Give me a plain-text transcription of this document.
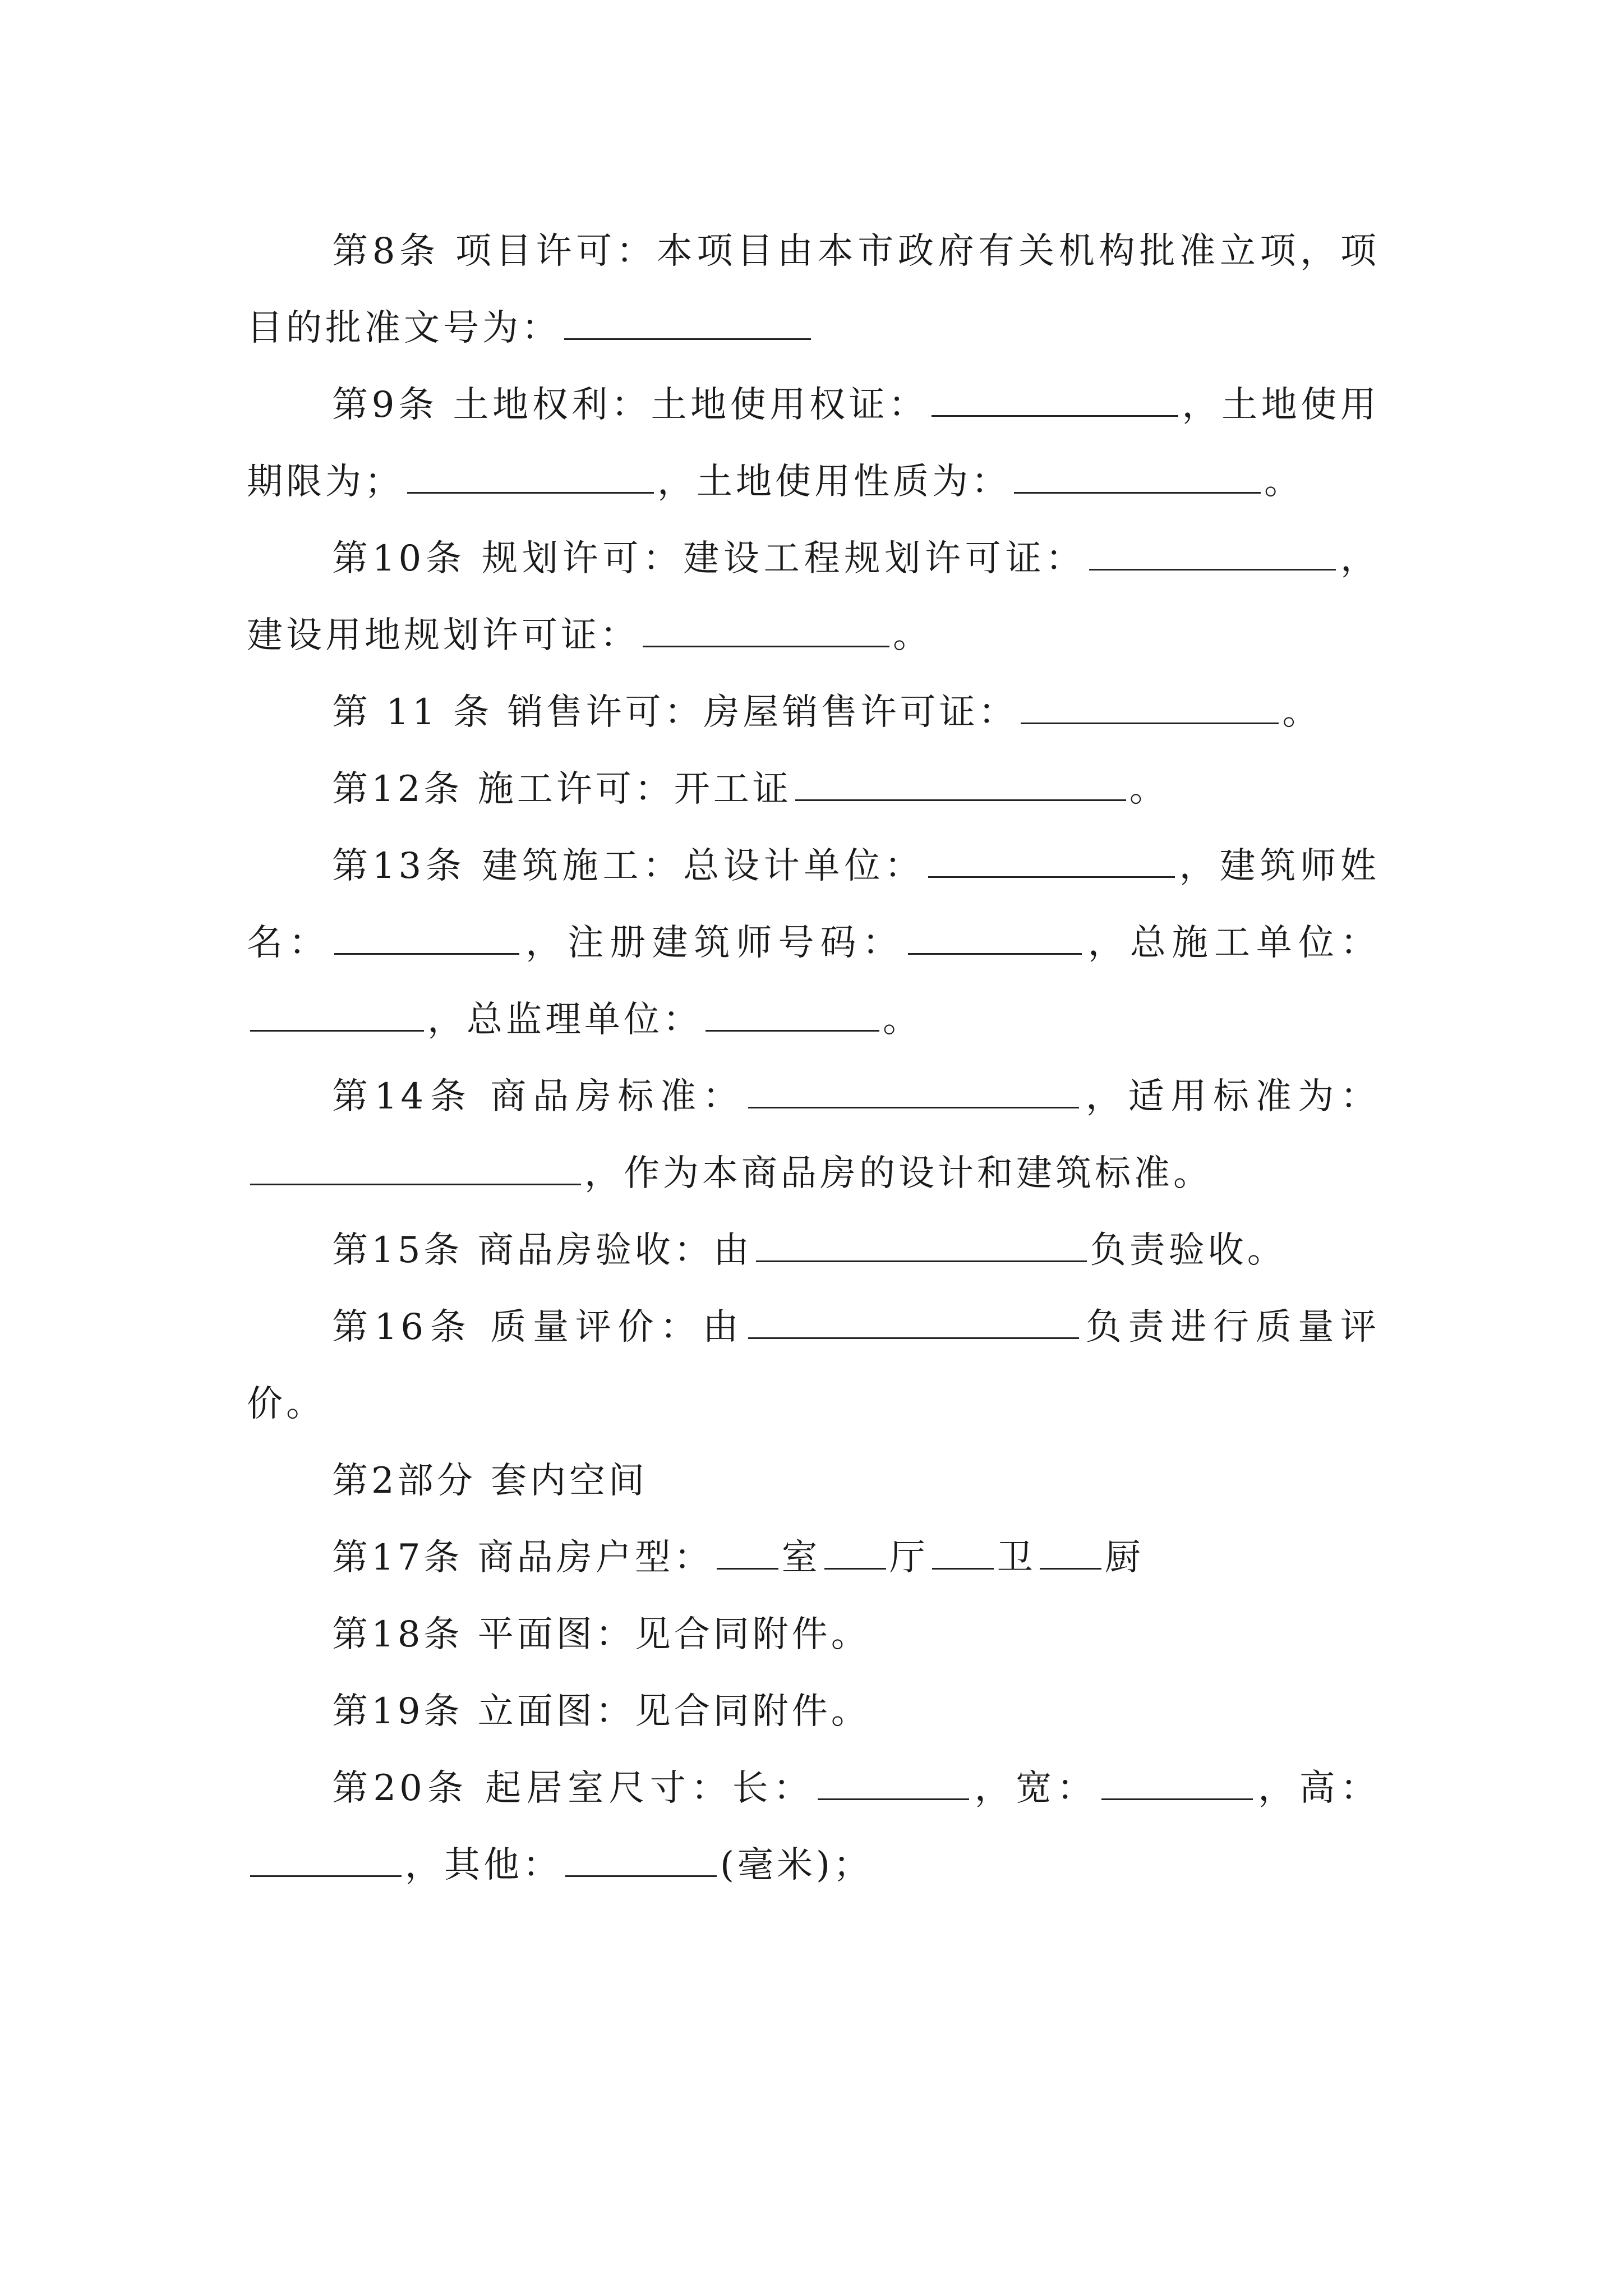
第8条 项目许可：本项目由本市政府有关机构批准立项，项目的批准文号为：

第9条 土地权利：土地使用权证：	，土地使用期限为；	，土地使用性质为：	。

第10条 规划许可：建设工程规划许可证：	，建设用地规划许可证：	。

第 11 条 销售许可：房屋销售许可证：	。

第12条 施工许可：开工证	。

第13条 建筑施工：总设计单位：	，建筑师姓名：	，注册建筑师号码：	，总施工单位：，总监理单位：	。

第14条 商品房标准：	，适用标准为：，作为本商品房的设计和建筑标准。

第15条 商品房验收：由	负责验收。

第16条 质量评价：由	负责进行质量评价。

第2部分 套内空间

第17条 商品房户型： 室 厅 卫 厨

第18条 平面图：见合同附件。

第19条 立面图：见合同附件。

第20条 起居室尺寸：长：	，宽：	，高：，其他：	(毫米)；
